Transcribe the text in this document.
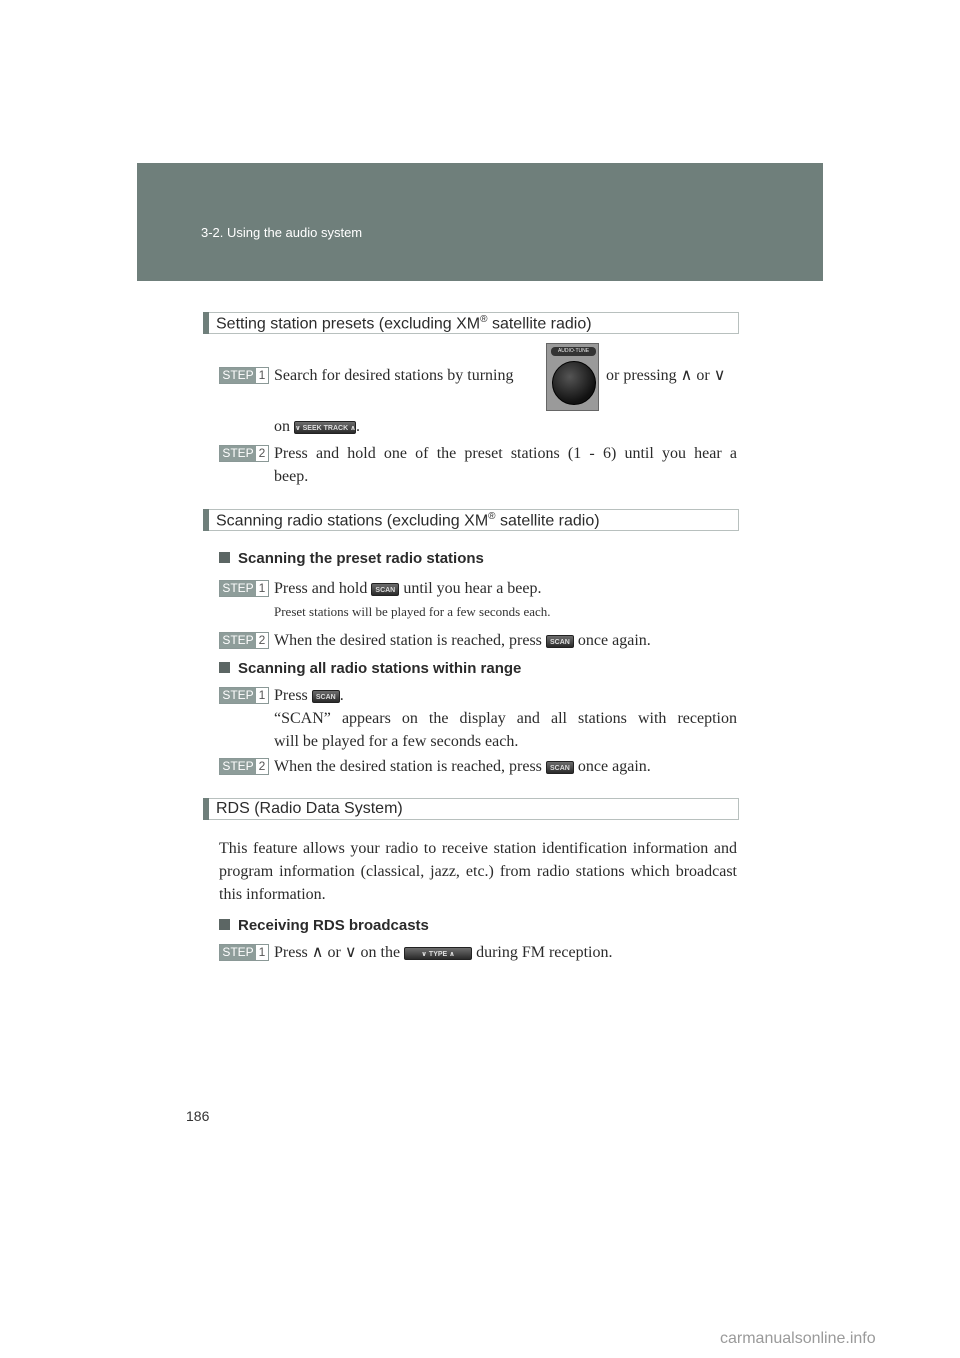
3-2. Using the audio system
Setting station presets (excluding XM® satellite radio)
STEP 1 Search for desired stations by turning
AUDIO·TUNE
or pressing ∧ or ∨
on ∨ SEEK TRACK ∧.
STEP 2 Press and hold one of the preset stations (1 - 6) until you hear a
beep.
Scanning radio stations (excluding XM® satellite radio)
Scanning the preset radio stations
STEP 1 Press and hold SCAN until you hear a beep.
Preset stations will be played for a few seconds each.
STEP 2 When the desired station is reached, press SCAN once again.
Scanning all radio stations within range
STEP 1 Press SCAN .
“SCAN” appears on the display and all stations with reception
will be played for a few seconds each.
STEP 2 When the desired station is reached, press SCAN once again.
RDS (Radio Data System)
This feature allows your radio to receive station identification information and program information (classical, jazz, etc.) from radio stations which broadcast this information.
Receiving RDS broadcasts
STEP 1 Press ∧ or ∨ on the	∨ TYPE ∧ during FM reception.
186
carmanualsonline.info
